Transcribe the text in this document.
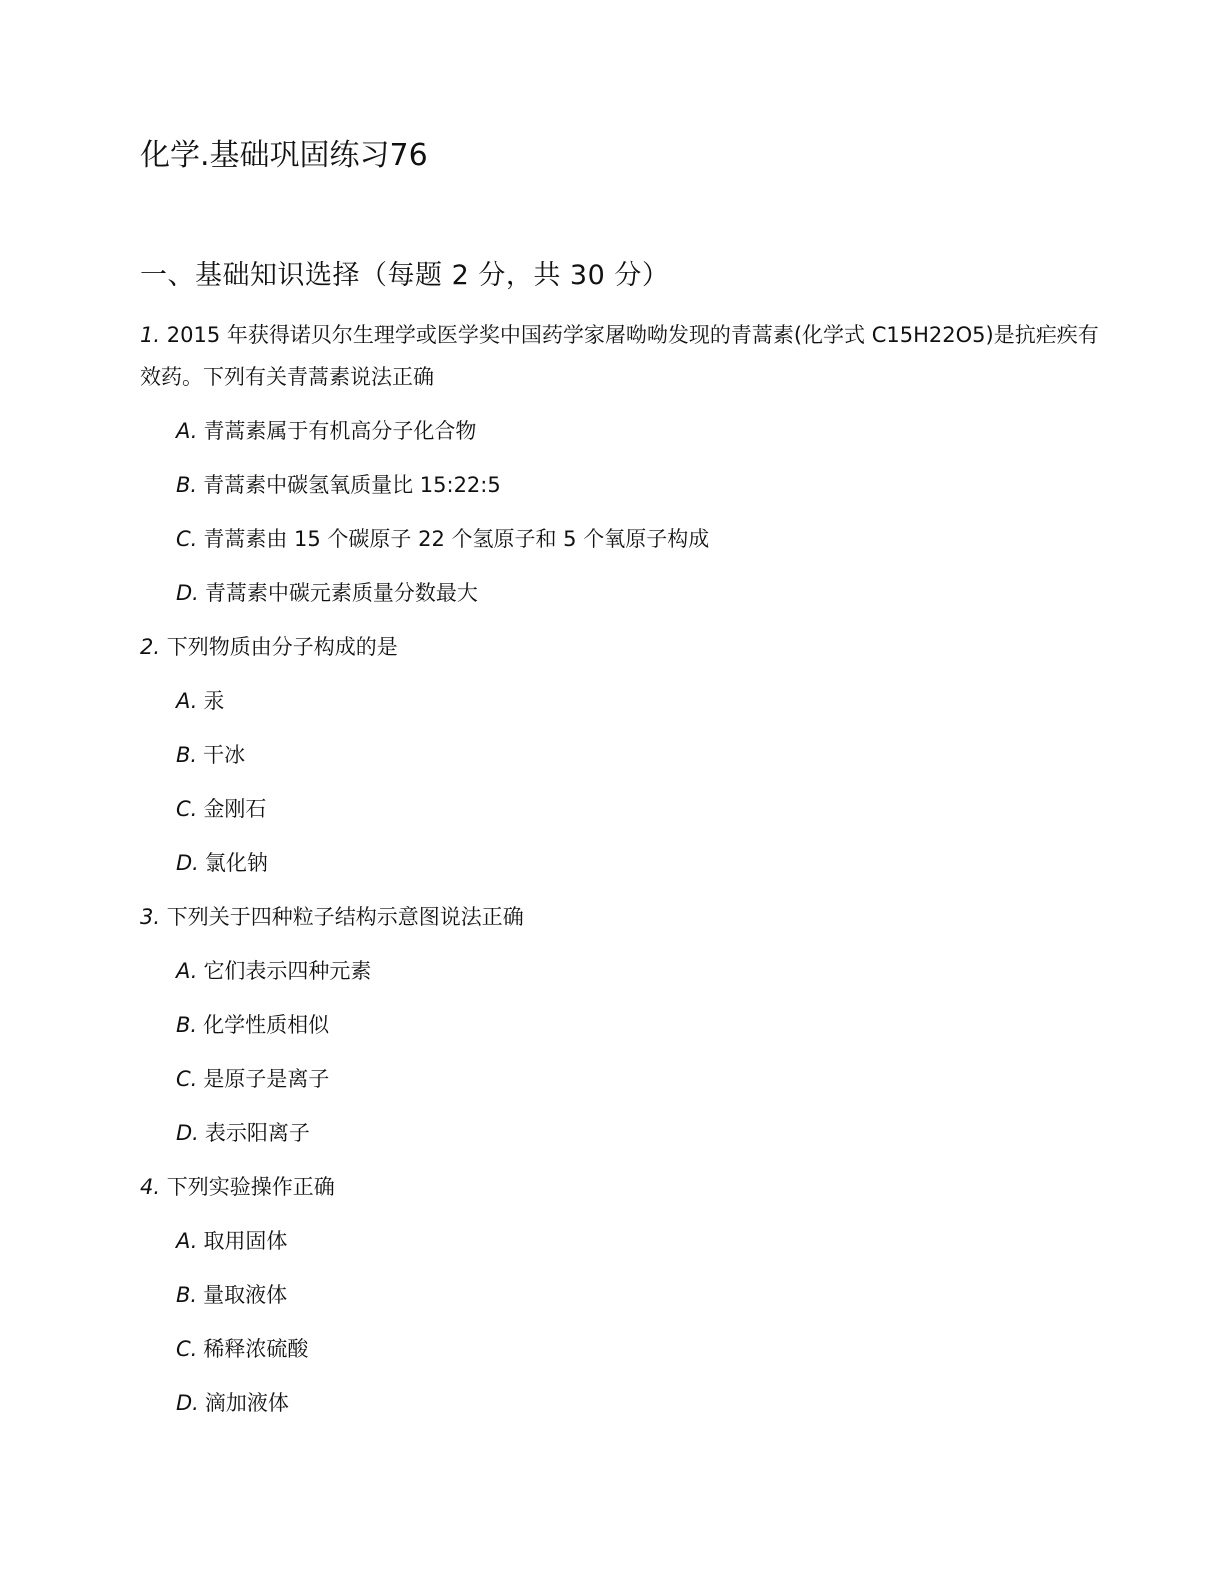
化学.基础巩固练习76
一、基础知识选择（每题 2 分，共 30 分）

1. 2015 年获得诺贝尔生理学或医学奖中国药学家屠呦呦发现的青蒿素(化学式 C15H22O5)是抗疟疾有效药。下列有关青蒿素说法正确

A. 青蒿素属于有机高分子化合物
B. 青蒿素中碳氢氧质量比 15:22:5
C. 青蒿素由 15 个碳原子 22 个氢原子和 5 个氧原子构成
D. 青蒿素中碳元素质量分数最大

2. 下列物质由分子构成的是

A. 汞
B. 干冰
C. 金刚石
D. 氯化钠

3. 下列关于四种粒子结构示意图说法正确

A. 它们表示四种元素
B. 化学性质相似
C. 是原子是离子
D. 表示阳离子

4. 下列实验操作正确

A. 取用固体
B. 量取液体
C. 稀释浓硫酸
D. 滴加液体
